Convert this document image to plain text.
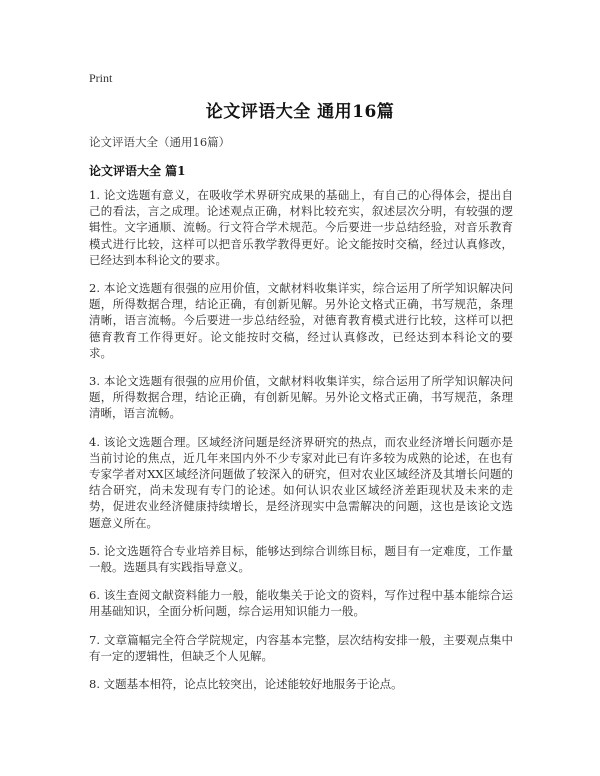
Print
论文评语大全 通用16篇
论文评语大全（通用16篇）
论文评语大全 篇1

1. 论文选题有意义，在吸收学术界研究成果的基础上，有自己的心得体会，提出自己的看法，言之成理。论述观点正确，材料比较充实，叙述层次分明，有较强的逻辑性。文字通顺、流畅。行文符合学术规范。今后要进一步总结经验，对音乐教育模式进行比较，这样可以把音乐教学教得更好。论文能按时交稿，经过认真修改，已经达到本科论文的要求。

2. 本论文选题有很强的应用价值，文献材料收集详实，综合运用了所学知识解决问题，所得数据合理，结论正确，有创新见解。另外论文格式正确，书写规范，条理清晰，语言流畅。今后要进一步总结经验，对德育教育模式进行比较，这样可以把德育教育工作得更好。论文能按时交稿，经过认真修改，已经达到本科论文的要求。

3. 本论文选题有很强的应用价值，文献材料收集详实，综合运用了所学知识解决问题，所得数据合理，结论正确，有创新见解。另外论文格式正确，书写规范，条理清晰，语言流畅。

4. 该论文选题合理。区域经济问题是经济界研究的热点，而农业经济增长问题亦是当前讨论的焦点，近几年来国内外不少专家对此已有许多较为成熟的论述，在也有专家学者对XX区域经济问题做了较深入的研究，但对农业区域经济及其增长问题的结合研究，尚未发现有专门的论述。如何认识农业区域经济差距现状及未来的走势，促进农业经济健康持续增长，是经济现实中急需解决的问题，这也是该论文选题意义所在。

5. 论文选题符合专业培养目标，能够达到综合训练目标，题目有一定难度，工作量一般。选题具有实践指导意义。

6. 该生查阅文献资料能力一般，能收集关于论文的资料，写作过程中基本能综合运用基础知识，全面分析问题，综合运用知识能力一般。

7. 文章篇幅完全符合学院规定，内容基本完整，层次结构安排一般，主要观点集中有一定的逻辑性，但缺乏个人见解。

8. 文题基本相符，论点比较突出，论述能较好地服务于论点。
